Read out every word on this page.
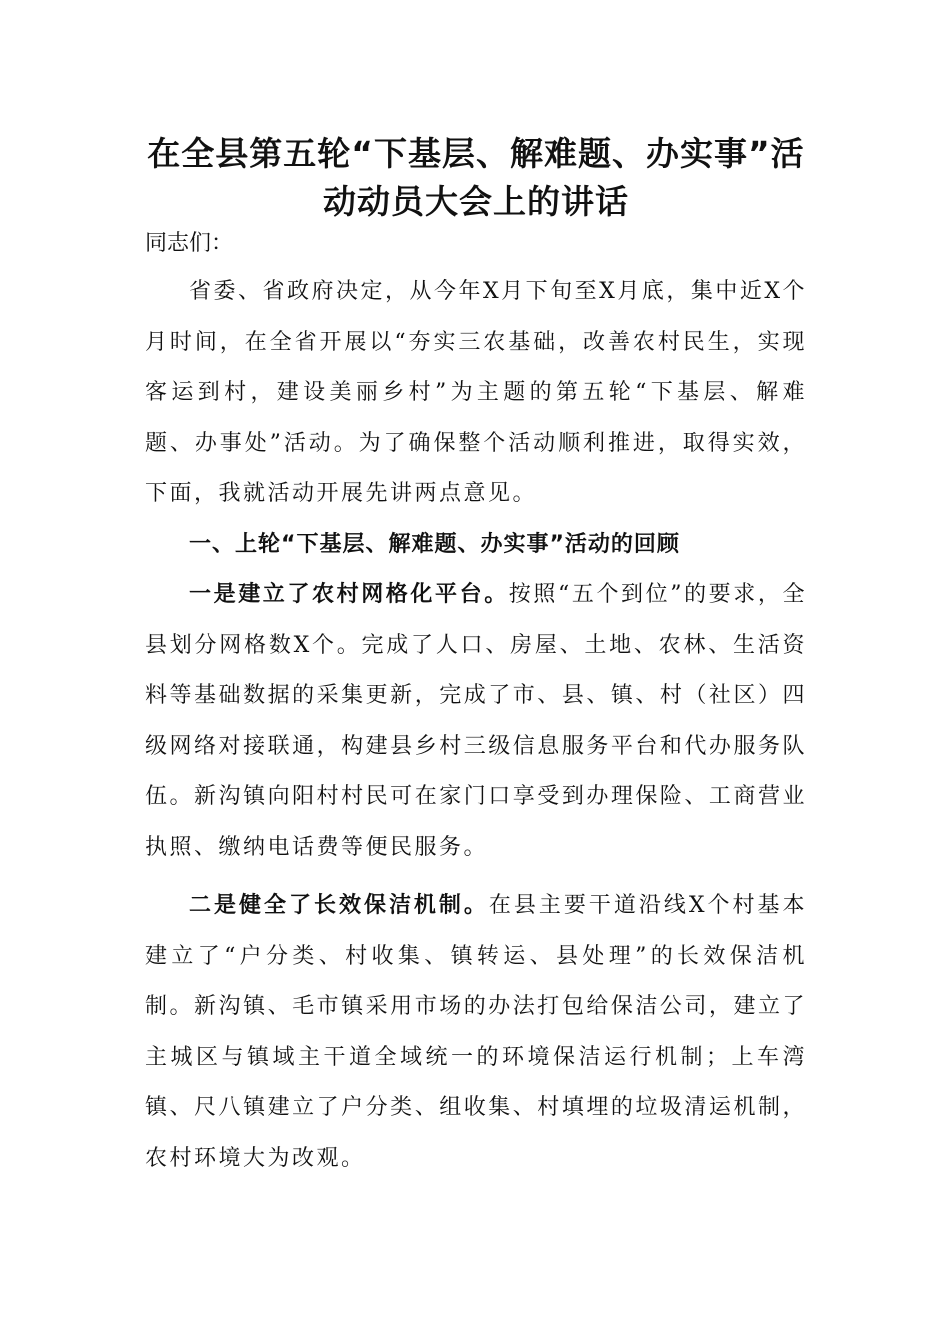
在全县第五轮“下基层、解难题、办实事”活动动员大会上的讲话

同志们：

省委、省政府决定，从今年X月下旬至X月底，集中近X个月时间，在全省开展以“夯实三农基础，改善农村民生，实现客运到村，建设美丽乡村”为主题的第五轮“下基层、解难题、办事处”活动。为了确保整个活动顺利推进，取得实效，下面，我就活动开展先讲两点意见。

一、上轮“下基层、解难题、办实事”活动的回顾

一是建立了农村网格化平台。按照“五个到位”的要求，全县划分网格数X个。完成了人口、房屋、土地、农林、生活资料等基础数据的采集更新，完成了市、县、镇、村（社区）四级网络对接联通，构建县乡村三级信息服务平台和代办服务队伍。新沟镇向阳村村民可在家门口享受到办理保险、工商营业执照、缴纳电话费等便民服务。

二是健全了长效保洁机制。在县主要干道沿线X个村基本建立了“户分类、村收集、镇转运、县处理”的长效保洁机制。新沟镇、毛市镇采用市场的办法打包给保洁公司，建立了主城区与镇域主干道全域统一的环境保洁运行机制；上车湾镇、尺八镇建立了户分类、组收集、村填埋的垃圾清运机制，农村环境大为改观。
